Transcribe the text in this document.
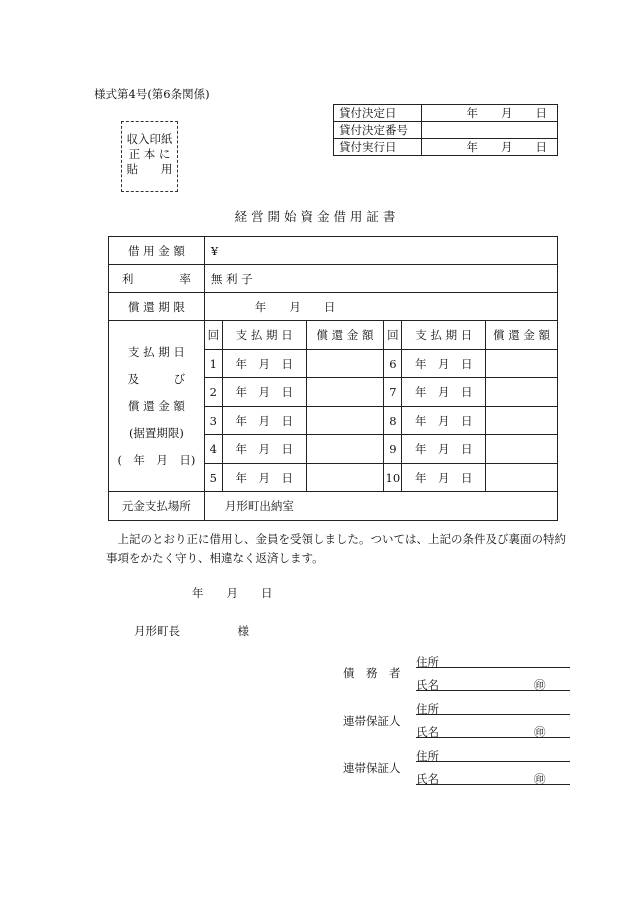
様式第4号(第6条関係)
収入印紙
正 本 に
貼　　用
貸付決定日	年　　月　　日
貸付決定番号	
貸付実行日	年　　月　　日
経 営 開 始 資 金 借 用 証 書
借 用 金 額	¥					
利　　　　率	無 利 子					
償 還 期 限	年　　月　　日					

支 払 期 日
及　　　び
償 還 金 額
(据置期限)
(　年　月　日)	回	支 払 期 日	償 還 金 額	回	支 払 期 日	償 還 金 額
	1	年　月　日		6	年　月　日	
	2	年　月　日		7	年　月　日	
	3	年　月　日		8	年　月　日	
	4	年　月　日		9	年　月　日	
	5	年　月　日		10	年　月　日	
元金支払場所	月形町出納室					
上記のとおり正に借用し、金員を受領しました。ついては、上記の条件及び裏面の特約事項をかたく守り、相違なく返済します。
年　　月　　日
月形町長　　　　　様
債　務　者
住所
氏名	㊞
連帯保証人
住所
氏名	㊞
連帯保証人
住所
氏名	㊞
